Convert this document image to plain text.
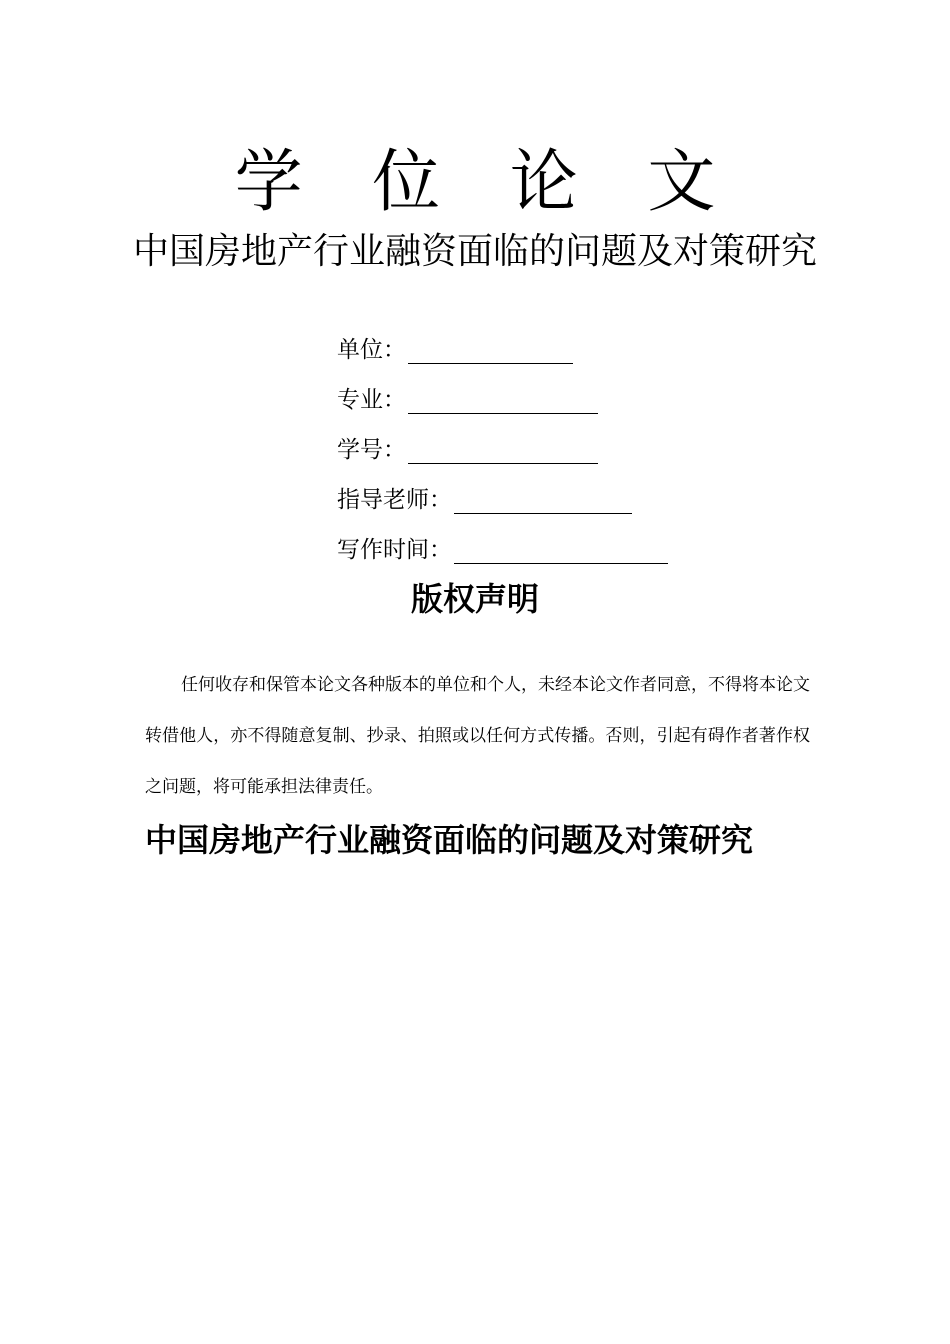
学 位 论 文
中国房地产行业融资面临的问题及对策研究
单位：
专业：
学号：
指导老师：
写作时间：
版权声明
任何收存和保管本论文各种版本的单位和个人，未经本论文作者同意，不得将本论文转借他人，亦不得随意复制、抄录、拍照或以任何方式传播。否则，引起有碍作者著作权之问题，将可能承担法律责任。
中国房地产行业融资面临的问题及对策研究
